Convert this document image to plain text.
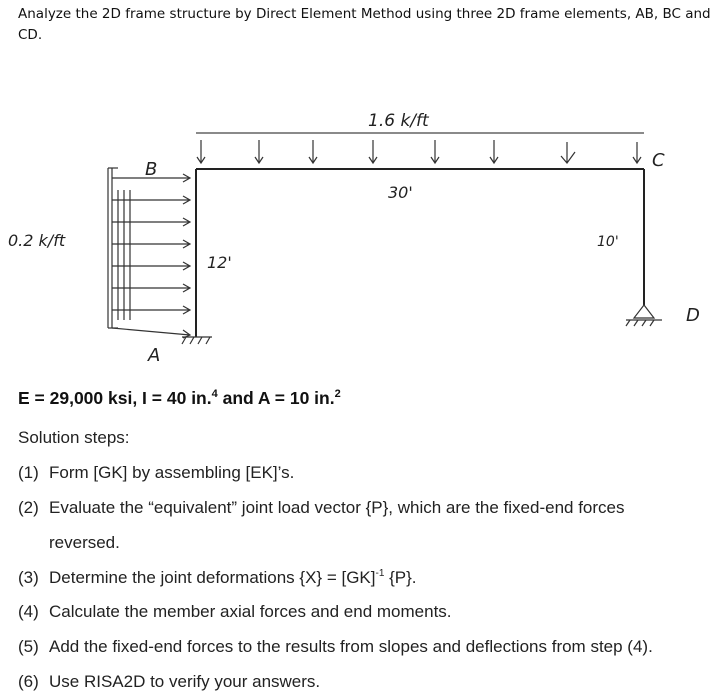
Analyze the 2D frame structure by Direct Element Method using three 2D frame elements, AB, BC and
CD.
1.6 k/ft
0.2 k/ft
30'
12'
10'
A
B	C
D
E = 29,000 ksi, I = 40 in.$^4$ and A = 10 in.$^2$
Solution steps:
(1) Form [GK] by assembling [EK]’s.
(2) Evaluate the “equivalent” joint load vector {P}, which are the fixed-end forces
reversed.
(3) Determine the joint deformations {X} = [GK]$^{-1}$ {P}.
(4) Calculate the member axial forces and end moments.
(5) Add the fixed-end forces to the results from slopes and deflections from step (4).
(6) Use RISA2D to verify your answers.
